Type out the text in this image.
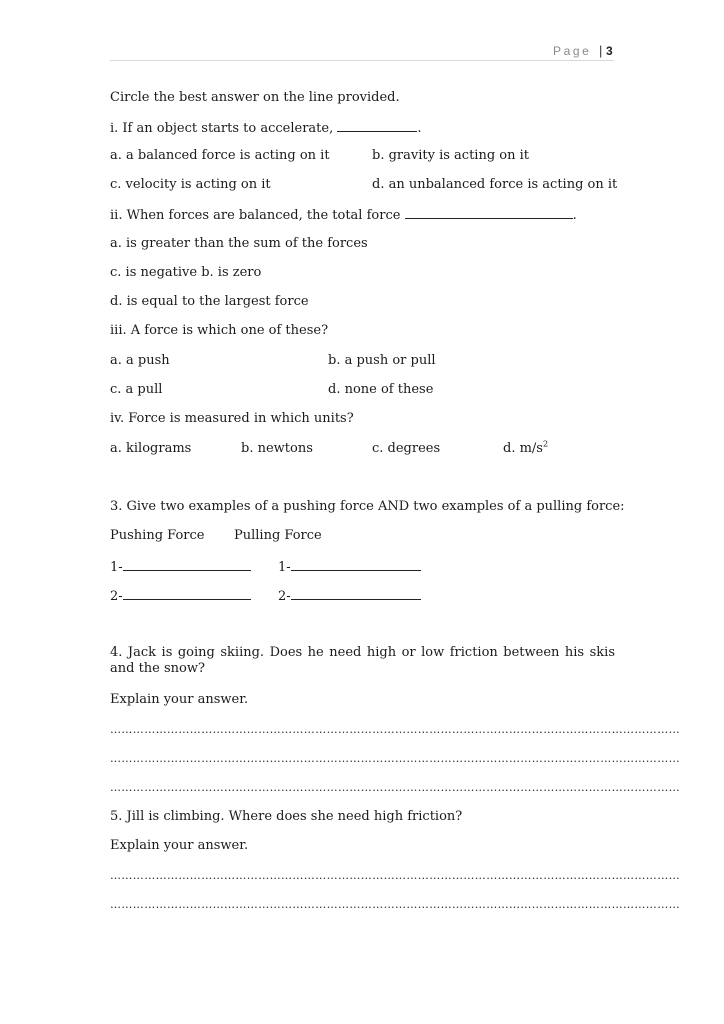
Page | 3
Circle the best answer on the line provided.
i. If an object starts to accelerate,	.
a. a balanced force is acting on it	b. gravity is acting on it
c. velocity is acting on it	d. an unbalanced force is acting on it
ii. When forces are balanced, the total force	.
a. is greater than the sum of the forces
c. is negative b. is zero
d. is equal to the largest force
iii. A force is which one of these?
a. a push	b. a push or pull
c. a pull	d. none of these
iv. Force is measured in which units?
a. kilograms	b. newtons	c. degrees	d. $m/s^2$
3. Give two examples of a pushing force AND two examples of a pulling force:
Pushing Force Pulling Force
1-	1-
2-	2-
4. Jack is going skiing. Does he need high or low friction between his skis and the snow?
Explain your answer.
……………………………………………………………………………………………………………………………………
……………………………………………………………………………………………………………………………………
……………………………………………………………………………………………………………………………………
5. Jill is climbing. Where does she need high friction?
Explain your answer.
……………………………………………………………………………………………………………………………………
……………………………………………………………………………………………………………………………………
